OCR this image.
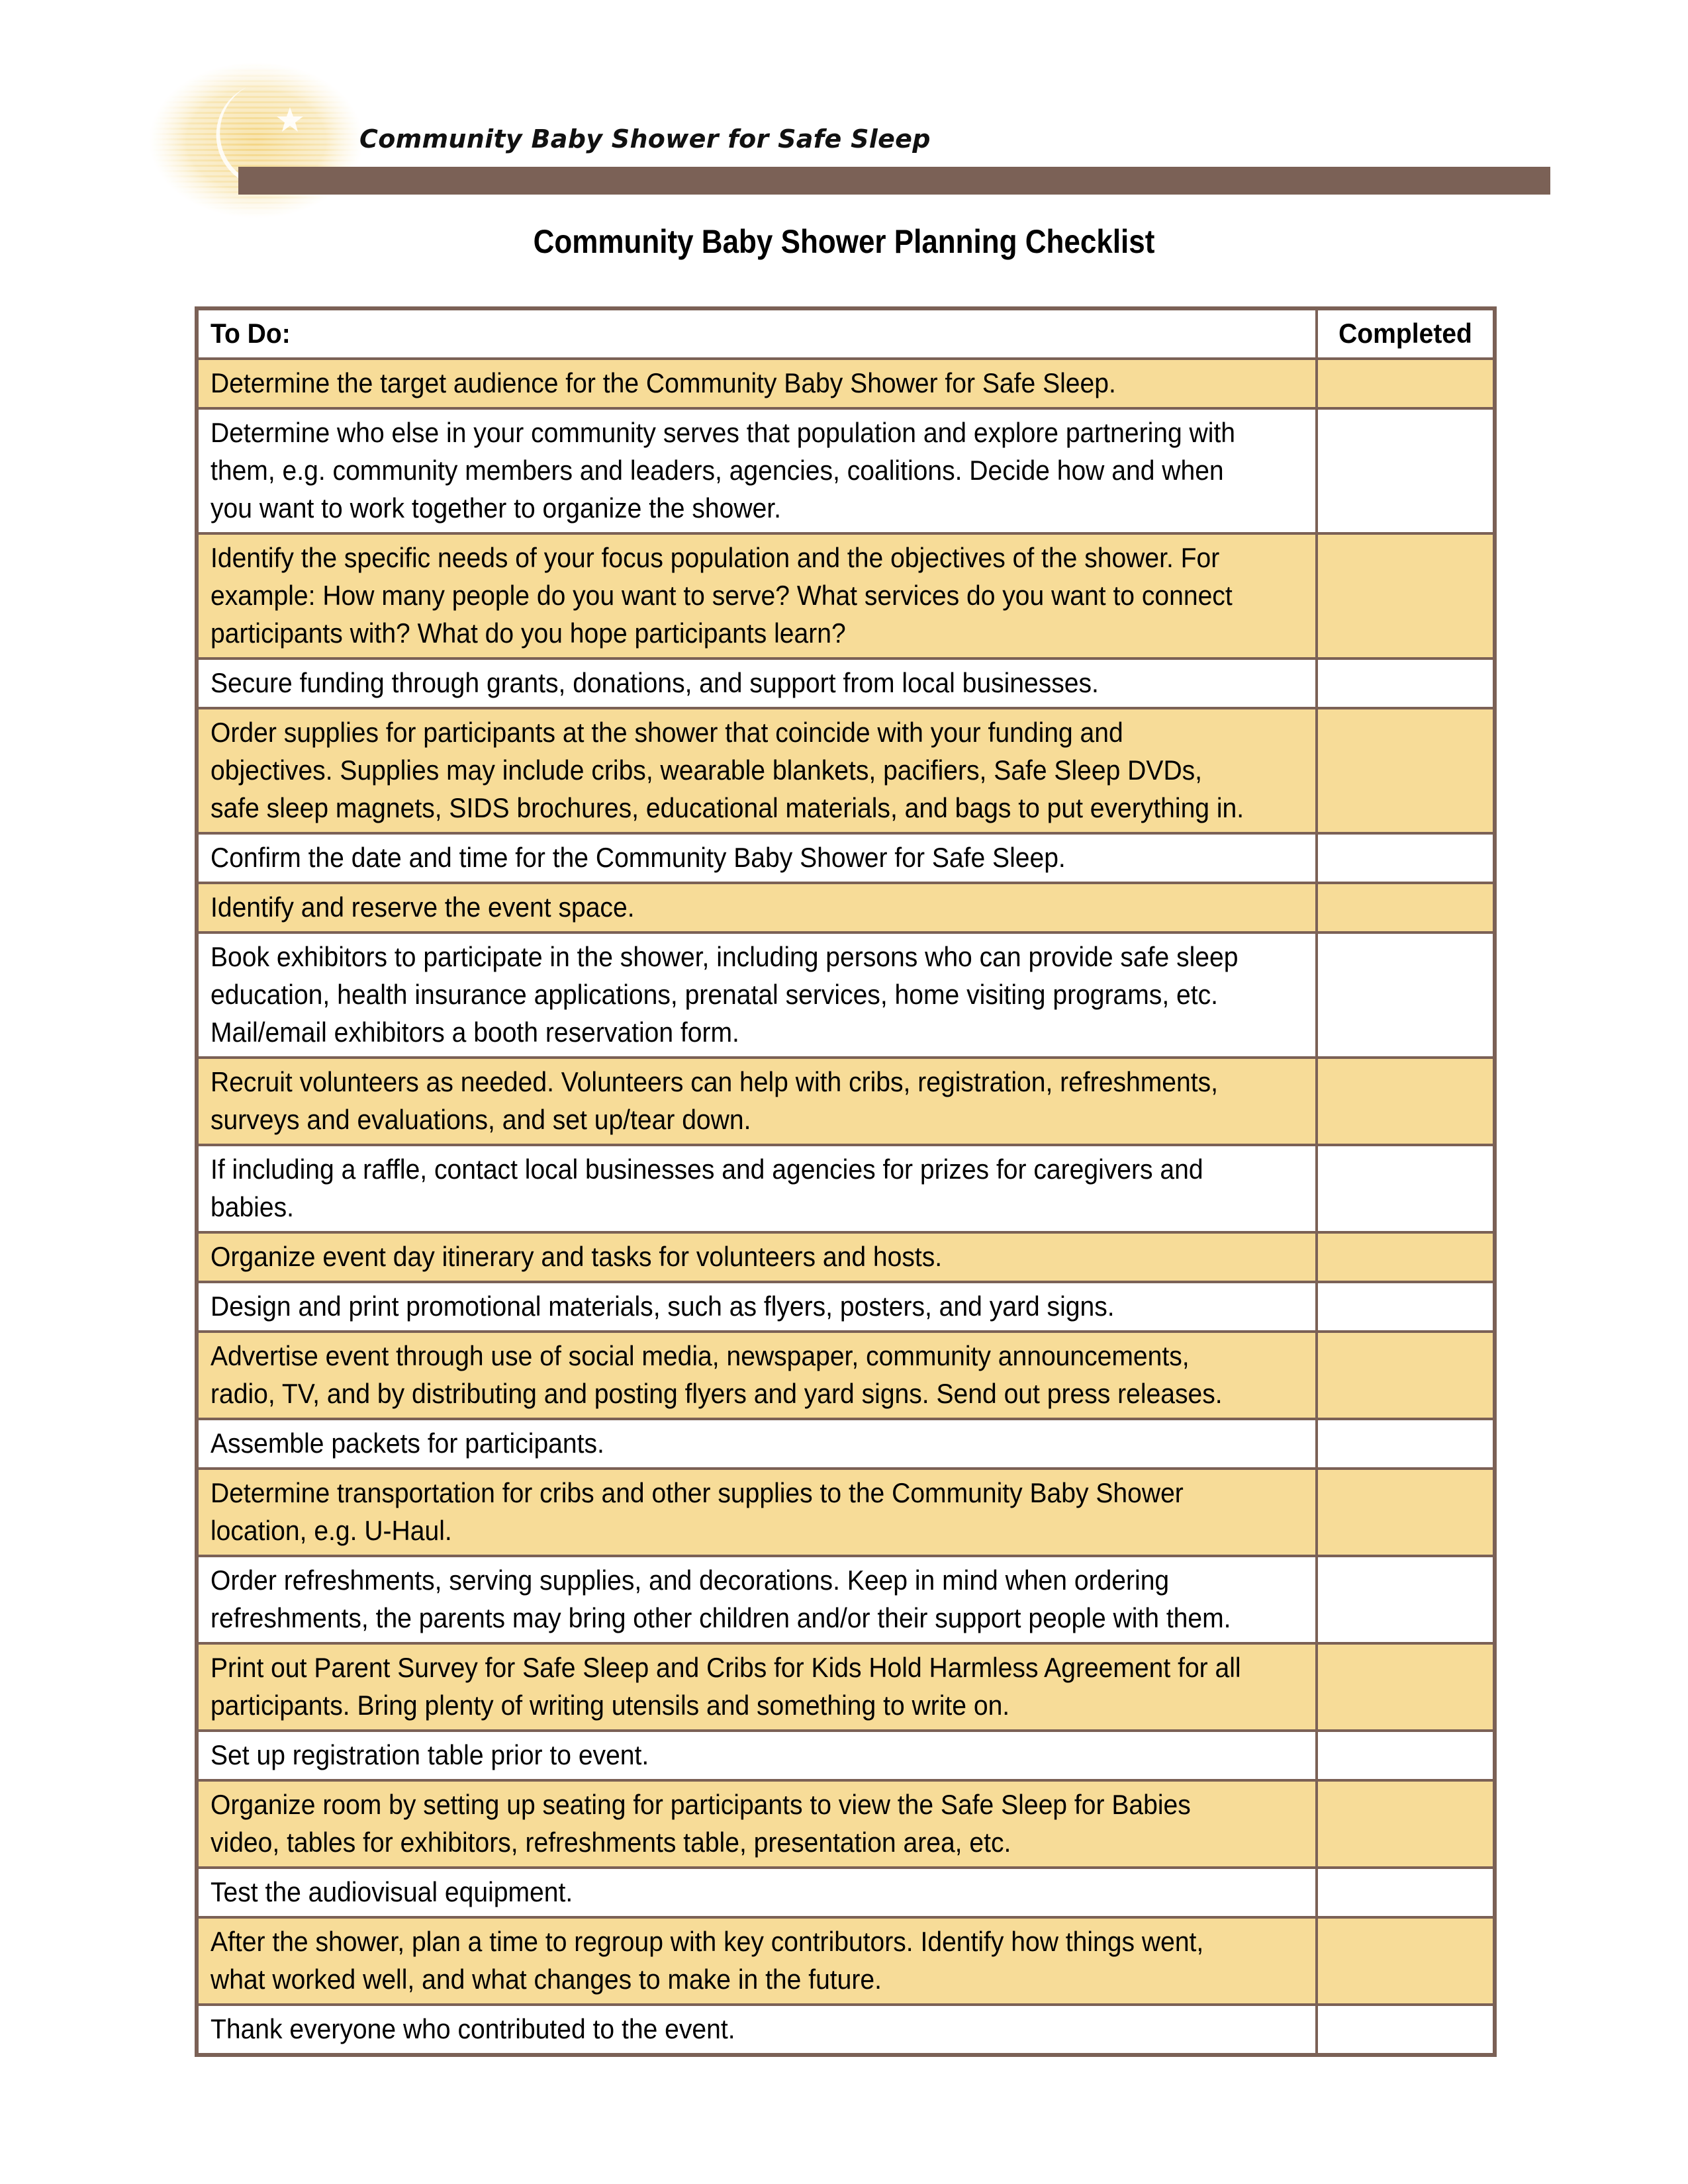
Community Baby Shower for Safe Sleep
Community Baby Shower Planning Checklist
To Do:	Completed
Determine the target audience for the Community Baby Shower for Safe Sleep.
Determine who else in your community serves that population and explore partnering with
them, e.g. community members and leaders, agencies, coalitions. Decide how and when
you want to work together to organize the shower.
Identify the specific needs of your focus population and the objectives of the shower. For
example: How many people do you want to serve? What services do you want to connect
participants with? What do you hope participants learn?
Secure funding through grants, donations, and support from local businesses.
Order supplies for participants at the shower that coincide with your funding and
objectives. Supplies may include cribs, wearable blankets, pacifiers, Safe Sleep DVDs,
safe sleep magnets, SIDS brochures, educational materials, and bags to put everything in.
Confirm the date and time for the Community Baby Shower for Safe Sleep.
Identify and reserve the event space.
Book exhibitors to participate in the shower, including persons who can provide safe sleep
education, health insurance applications, prenatal services, home visiting programs, etc.
Mail/email exhibitors a booth reservation form.
Recruit volunteers as needed. Volunteers can help with cribs, registration, refreshments,
surveys and evaluations, and set up/tear down.
If including a raffle, contact local businesses and agencies for prizes for caregivers and
babies.
Organize event day itinerary and tasks for volunteers and hosts.
Design and print promotional materials, such as flyers, posters, and yard signs.
Advertise event through use of social media, newspaper, community announcements,
radio, TV, and by distributing and posting flyers and yard signs. Send out press releases.
Assemble packets for participants.
Determine transportation for cribs and other supplies to the Community Baby Shower
location, e.g. U-Haul.
Order refreshments, serving supplies, and decorations. Keep in mind when ordering
refreshments, the parents may bring other children and/or their support people with them.
Print out Parent Survey for Safe Sleep and Cribs for Kids Hold Harmless Agreement for all
participants. Bring plenty of writing utensils and something to write on.
Set up registration table prior to event.
Organize room by setting up seating for participants to view the Safe Sleep for Babies
video, tables for exhibitors, refreshments table, presentation area, etc.
Test the audiovisual equipment.
After the shower, plan a time to regroup with key contributors. Identify how things went,
what worked well, and what changes to make in the future.
Thank everyone who contributed to the event.
